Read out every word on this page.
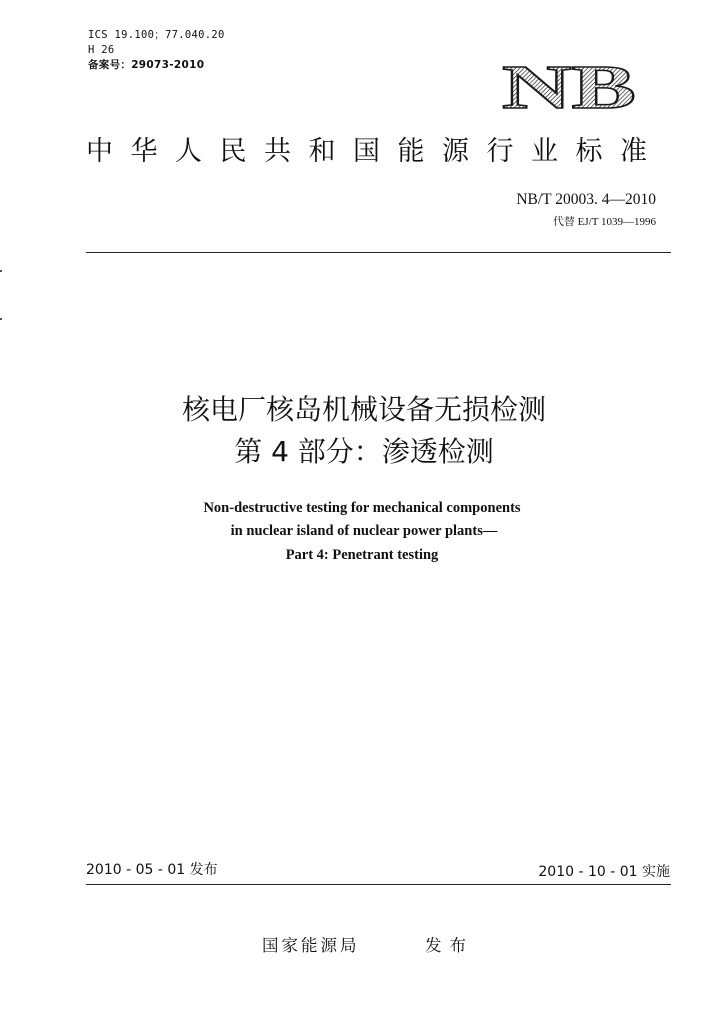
ICS 19.100；77.040.20
H 26
备案号：29073-2010	NB
中华人民共和国能源行业标准
NB/T 20003. 4—2010
代替 EJ/T 1039—1996
核电厂核岛机械设备无损检测
第 4 部分：渗透检测
Non-destructive testing for mechanical components
in nuclear island of nuclear power plants—
Part 4: Penetrant testing
2010 - 05 - 01 发布	2010 - 10 - 01 实施
国家能源局	发布
